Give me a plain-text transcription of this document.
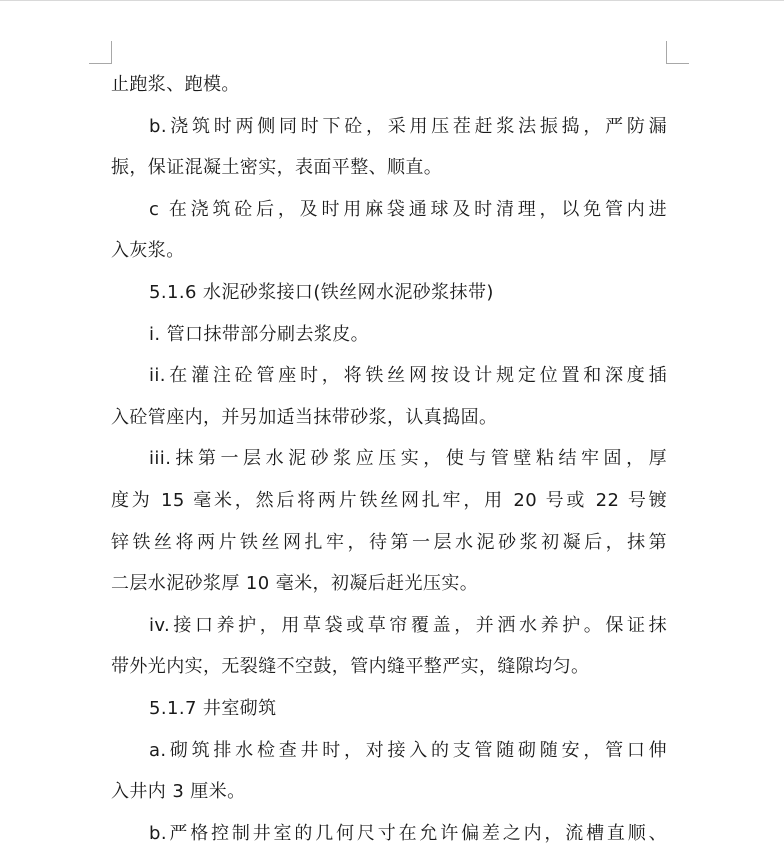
止跑浆、跑模。
b.浇筑时两侧同时下砼，采用压茬赶浆法振捣，严防漏
振，保证混凝土密实，表面平整、顺直。
c 在浇筑砼后，及时用麻袋通球及时清理，以免管内进
入灰浆。
5.1.6 水泥砂浆接口(铁丝网水泥砂浆抹带)
i. 管口抹带部分刷去浆皮。
ii.在灌注砼管座时，将铁丝网按设计规定位置和深度插
入砼管座内，并另加适当抹带砂浆，认真捣固。
iii.抹第一层水泥砂浆应压实，使与管壁粘结牢固，厚
度为 15 毫米，然后将两片铁丝网扎牢，用 20 号或 22 号镀
锌铁丝将两片铁丝网扎牢，待第一层水泥砂浆初凝后，抹第
二层水泥砂浆厚 10 毫米，初凝后赶光压实。
iv.接口养护，用草袋或草帘覆盖，并洒水养护。保证抹
带外光内实，无裂缝不空鼓，管内缝平整严实，缝隙均匀。
5.1.7 井室砌筑
a.砌筑排水检查井时，对接入的支管随砌随安，管口伸
入井内 3 厘米。
b.严格控制井室的几何尺寸在允许偏差之内，流槽直顺、
